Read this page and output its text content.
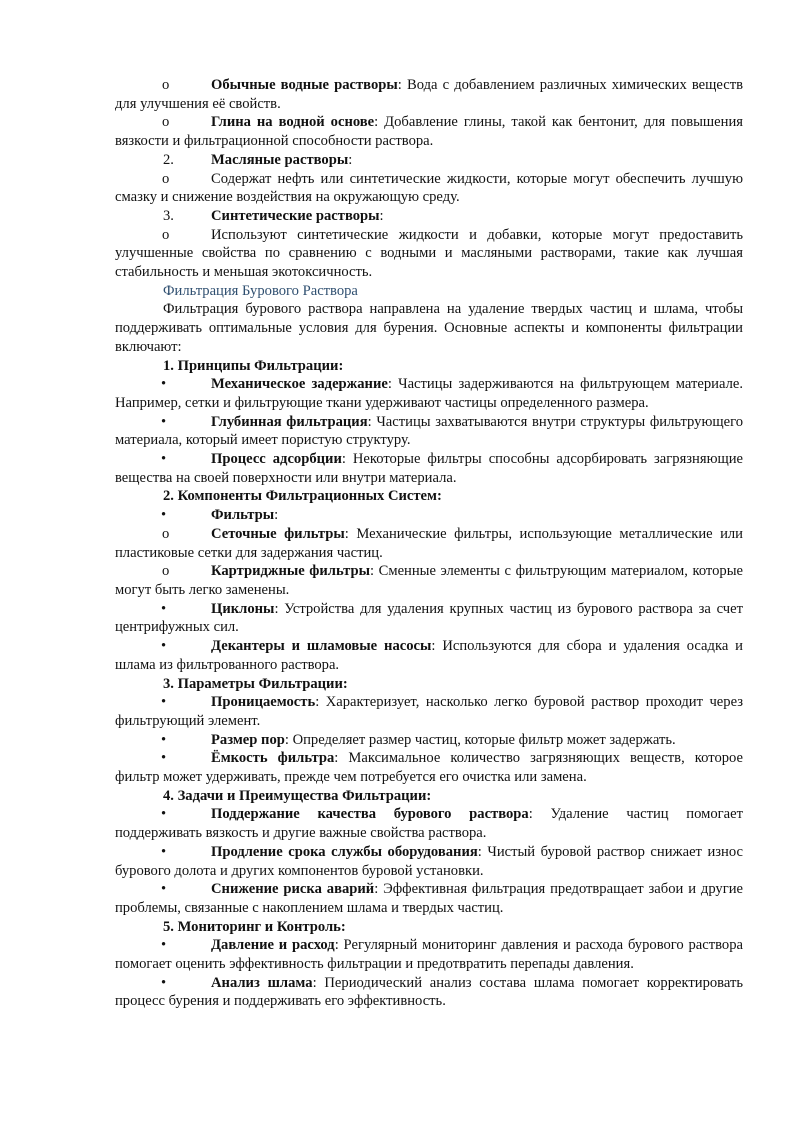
o	Обычные водные растворы: Вода с добавлением различных химических веществ для улучшения её свойств.

o	Глина на водной основе: Добавление глины, такой как бентонит, для повышения вязкости и фильтрационной способности раствора.

2.	Масляные растворы:

o	Содержат нефть или синтетические жидкости, которые могут обеспечить лучшую смазку и снижение воздействия на окружающую среду.

3.	Синтетические растворы:

o	Используют синтетические жидкости и добавки, которые могут предоставить улучшенные свойства по сравнению с водными и масляными растворами, такие как лучшая стабильность и меньшая экотоксичность.

Фильтрация Бурового Раствора

Фильтрация бурового раствора направлена на удаление твердых частиц и шлама, чтобы поддерживать оптимальные условия для бурения. Основные аспекты и компоненты фильтрации включают:

1. Принципы Фильтрации:

•	Механическое задержание: Частицы задерживаются на фильтрующем материале. Например, сетки и фильтрующие ткани удерживают частицы определенного размера.

•	Глубинная фильтрация: Частицы захватываются внутри структуры фильтрующего материала, который имеет пористую структуру.

•	Процесс адсорбции: Некоторые фильтры способны адсорбировать загрязняющие вещества на своей поверхности или внутри материала.

2. Компоненты Фильтрационных Систем:

•	Фильтры:

o	Сеточные фильтры: Механические фильтры, использующие металлические или пластиковые сетки для задержания частиц.

o	Картриджные фильтры: Сменные элементы с фильтрующим материалом, которые могут быть легко заменены.

•	Циклоны: Устройства для удаления крупных частиц из бурового раствора за счет центрифужных сил.

•	Декантеры и шламовые насосы: Используются для сбора и удаления осадка и шлама из фильтрованного раствора.

3. Параметры Фильтрации:

•	Проницаемость: Характеризует, насколько легко буровой раствор проходит через фильтрующий элемент.

•	Размер пор: Определяет размер частиц, которые фильтр может задержать.

•	Ёмкость фильтра: Максимальное количество загрязняющих веществ, которое фильтр может удерживать, прежде чем потребуется его очистка или замена.

4. Задачи и Преимущества Фильтрации:

•	Поддержание качества бурового раствора: Удаление частиц помогает поддерживать вязкость и другие важные свойства раствора.

•	Продление срока службы оборудования: Чистый буровой раствор снижает износ бурового долота и других компонентов буровой установки.

•	Снижение риска аварий: Эффективная фильтрация предотвращает забои и другие проблемы, связанные с накоплением шлама и твердых частиц.

5. Мониторинг и Контроль:

•	Давление и расход: Регулярный мониторинг давления и расхода бурового раствора помогает оценить эффективность фильтрации и предотвратить перепады давления.

•	Анализ шлама: Периодический анализ состава шлама помогает корректировать процесс бурения и поддерживать его эффективность.
